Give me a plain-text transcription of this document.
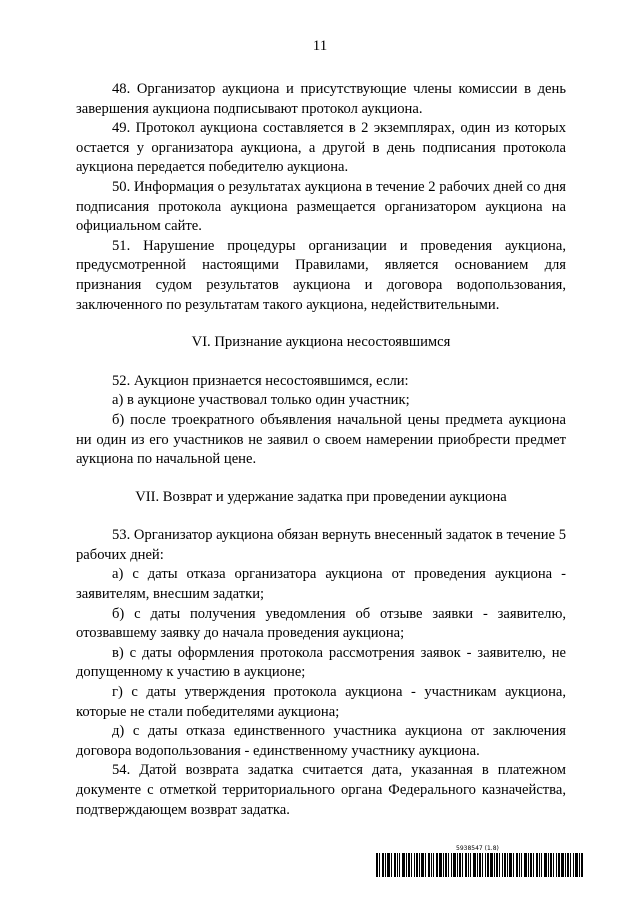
11

48. Организатор аукциона и присутствующие члены комиссии в день завершения аукциона подписывают протокол аукциона.

49. Протокол аукциона составляется в 2 экземплярах, один из которых остается у организатора аукциона, а другой в день подписания протокола аукциона передается победителю аукциона.

50. Информация о результатах аукциона в течение 2 рабочих дней со дня подписания протокола аукциона размещается организатором аукциона на официальном сайте.

51. Нарушение процедуры организации и проведения аукциона, предусмотренной настоящими Правилами, является основанием для признания судом результатов аукциона и договора водопользования, заключенного по результатам такого аукциона, недействительными.

VI. Признание аукциона несостоявшимся

52. Аукцион признается несостоявшимся, если:

а) в аукционе участвовал только один участник;

б) после троекратного объявления начальной цены предмета аукциона ни один из его участников не заявил о своем намерении приобрести предмет аукциона по начальной цене.

VII. Возврат и удержание задатка при проведении аукциона

53. Организатор аукциона обязан вернуть внесенный задаток в течение 5 рабочих дней:

а) с даты отказа организатора аукциона от проведения аукциона - заявителям, внесшим задатки;

б) с даты получения уведомления об отзыве заявки - заявителю, отозвавшему заявку до начала проведения аукциона;

в) с даты оформления протокола рассмотрения заявок - заявителю, не допущенному к участию в аукционе;

г) с даты утверждения протокола аукциона - участникам аукциона, которые не стали победителями аукциона;

д) с даты отказа единственного участника аукциона от заключения договора водопользования - единственному участнику аукциона.

54. Датой возврата задатка считается дата, указанная в платежном документе с отметкой территориального органа Федерального казначейства, подтверждающем возврат задатка.

5938547 (1.8)
